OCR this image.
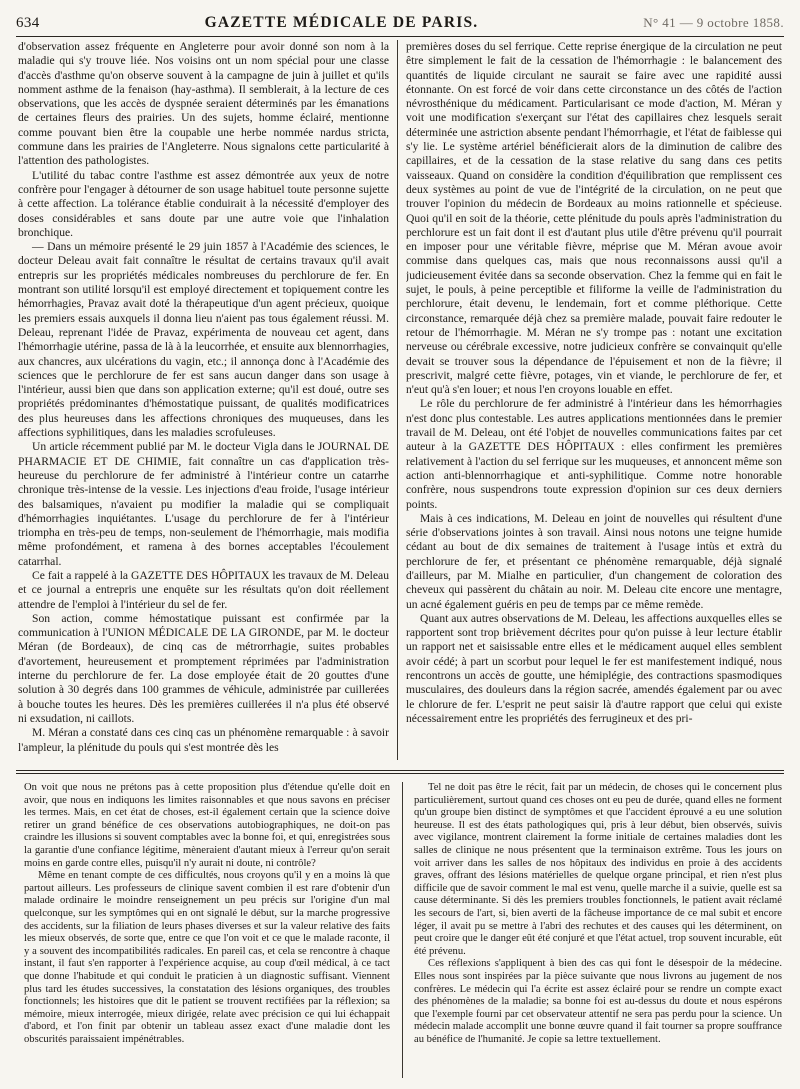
634	GAZETTE MÉDICALE DE PARIS.	N° 41 — 9 octobre 1858.

d'observation assez fréquente en Angleterre pour avoir donné son nom à la maladie qui s'y trouve liée. Nos voisins ont un nom spécial pour une classe d'accès d'asthme qu'on observe souvent à la campagne de juin à juillet et qu'ils nomment asthme de la fenaison (hay-asthma). Il semblerait, à la lecture de ces observations, que les accès de dyspnée seraient déterminés par les émanations de certaines fleurs des prairies. Un des sujets, homme éclairé, mentionne comme pouvant bien être la coupable une herbe nommée nardus stricta, commune dans les prairies de l'Angleterre. Nous signalons cette particularité à l'attention des pathologistes.

L'utilité du tabac contre l'asthme est assez démontrée aux yeux de notre confrère pour l'engager à détourner de son usage habituel toute personne sujette à cette affection. La tolérance établie conduirait à la nécessité d'employer des doses considérables et sans doute par une autre voie que l'inhalation bronchique.

— Dans un mémoire présenté le 29 juin 1857 à l'Académie des sciences, le docteur Deleau avait fait connaître le résultat de certains travaux qu'il avait entrepris sur les propriétés médicales nombreuses du perchlorure de fer. En montrant son utilité lorsqu'il est employé directement et topiquement contre les hémorrhagies, Pravaz avait doté la thérapeutique d'un agent précieux, quoique les premiers essais auxquels il donna lieu n'aient pas tous également réussi. M. Deleau, reprenant l'idée de Pravaz, expérimenta de nouveau cet agent, dans l'hémorrhagie utérine, passa de là à la leucorrhée, et ensuite aux blennorrhagies, aux chancres, aux ulcérations du vagin, etc.; il annonça donc à l'Académie des sciences que le perchlorure de fer est sans aucun danger dans son usage à l'intérieur, aussi bien que dans son application externe; qu'il est doué, outre ses propriétés prédominantes d'hémostatique puissant, de qualités modificatrices des plus heureuses dans les affections chroniques des muqueuses, dans les affections syphilitiques, dans les maladies scrofuleuses.

Un article récemment publié par M. le docteur Vigla dans le JOURNAL DE PHARMACIE ET DE CHIMIE, fait connaître un cas d'application très-heureuse du perchlorure de fer administré à l'intérieur contre un catarrhe chronique très-intense de la vessie. Les injections d'eau froide, l'usage intérieur des balsamiques, n'avaient pu modifier la maladie qui se compliquait d'hémorrhagies inquiétantes. L'usage du perchlorure de fer à l'intérieur triompha en très-peu de temps, non-seulement de l'hémorrhagie, mais modifia même profondément, et ramena à des bornes acceptables l'écoulement catarrhal.

Ce fait a rappelé à la GAZETTE DES HÔPITAUX les travaux de M. Deleau et ce journal a entrepris une enquête sur les résultats qu'on doit réellement attendre de l'emploi à l'intérieur du sel de fer.

Son action, comme hémostatique puissant est confirmée par la communication à l'UNION MÉDICALE DE LA GIRONDE, par M. le docteur Méran (de Bordeaux), de cinq cas de métrorrhagie, suites probables d'avortement, heureusement et promptement réprimées par l'administration interne du perchlorure de fer. La dose employée était de 20 gouttes d'une solution à 30 degrés dans 100 grammes de véhicule, administrée par cuillerées à bouche toutes les heures. Dès les premières cuillerées il n'a plus été observé ni exsudation, ni caillots.

M. Méran a constaté dans ces cinq cas un phénomène remarquable : à savoir l'ampleur, la plénitude du pouls qui s'est montrée dès les

premières doses du sel ferrique. Cette reprise énergique de la circulation ne peut être simplement le fait de la cessation de l'hémorrhagie : le balancement des quantités de liquide circulant ne saurait se faire avec une rapidité aussi étonnante. On est forcé de voir dans cette circonstance un des côtés de l'action névrosthénique du médicament. Particularisant ce mode d'action, M. Méran y voit une modification s'exerçant sur l'état des capillaires chez lesquels serait déterminée une astriction absente pendant l'hémorrhagie, et l'état de faiblesse qui s'y lie. Le système artériel bénéficierait alors de la diminution de calibre des capillaires, et de la cessation de la stase relative du sang dans ces petits vaisseaux. Quand on considère la condition d'équilibration que remplissent ces deux systèmes au point de vue de l'intégrité de la circulation, on ne peut que trouver l'opinion du médecin de Bordeaux au moins rationnelle et spécieuse. Quoi qu'il en soit de la théorie, cette plénitude du pouls après l'administration du perchlorure est un fait dont il est d'autant plus utile d'être prévenu qu'il pourrait en imposer pour une véritable fièvre, méprise que M. Méran avoue avoir commise dans quelques cas, mais que nous reconnaissons aussi qu'il a judicieusement évitée dans sa seconde observation. Chez la femme qui en fait le sujet, le pouls, à peine perceptible et filiforme la veille de l'administration du perchlorure, était devenu, le lendemain, fort et comme pléthorique. Cette circonstance, remarquée déjà chez sa première malade, pouvait faire redouter le retour de l'hémorrhagie. M. Méran ne s'y trompe pas : notant une excitation nerveuse ou cérébrale excessive, notre judicieux confrère se convainquit qu'elle devait se trouver sous la dépendance de l'épuisement et non de la fièvre; il prescrivit, malgré cette fièvre, potages, vin et viande, le perchlorure de fer, et n'eut qu'à s'en louer; et nous l'en croyons louable en effet.

Le rôle du perchlorure de fer administré à l'intérieur dans les hémorrhagies n'est donc plus contestable. Les autres applications mentionnées dans le premier travail de M. Deleau, ont été l'objet de nouvelles communications faites par cet auteur à la GAZETTE DES HÔPITAUX : elles confirment les premières relativement à l'action du sel ferrique sur les muqueuses, et annoncent même son action anti-blennorrhagique et anti-syphilitique. Comme notre honorable confrère, nous suspendrons toute expression d'opinion sur ces deux derniers points.

Mais à ces indications, M. Deleau en joint de nouvelles qui résultent d'une série d'observations jointes à son travail. Ainsi nous notons une teigne humide cédant au bout de dix semaines de traitement à l'usage intùs et extrà du perchlorure de fer, et présentant ce phénomène remarquable, déjà signalé d'ailleurs, par M. Mialhe en particulier, d'un changement de coloration des cheveux qui passèrent du châtain au noir. M. Deleau cite encore une mentagre, un acné également guéris en peu de temps par ce même remède.

Quant aux autres observations de M. Deleau, les affections auxquelles elles se rapportent sont trop brièvement décrites pour qu'on puisse à leur lecture établir un rapport net et saisissable entre elles et le médicament auquel elles semblent avoir cédé; à part un scorbut pour lequel le fer est manifestement indiqué, nous rencontrons un accès de goutte, une hémiplégie, des contractions spasmodiques musculaires, des douleurs dans la région sacrée, amendés également par ou avec le chlorure de fer. L'esprit ne peut saisir là d'autre rapport que celui qui existe nécessairement entre les propriétés des ferrugineux et des pri-

On voit que nous ne prétons pas à cette proposition plus d'étendue qu'elle doit en avoir, que nous en indiquons les limites raisonnables et que nous savons en préciser les termes. Mais, en cet état de choses, est-il également certain que la science doive retirer un grand bénéfice de ces observations autobiographiques, ne doit-on pas craindre les illusions si souvent comptables avec la bonne foi, et qui, enregistrées sous la garantie d'une confiance légitime, mèneraient d'autant mieux à l'erreur qu'on serait moins en garde contre elles, puisqu'il n'y aurait ni doute, ni contrôle?

Même en tenant compte de ces difficultés, nous croyons qu'il y en a moins là que partout ailleurs. Les professeurs de clinique savent combien il est rare d'obtenir d'un malade ordinaire le moindre renseignement un peu précis sur l'origine d'un mal quelconque, sur les symptômes qui en ont signalé le début, sur la marche progressive des accidents, sur la filiation de leurs phases diverses et sur la valeur relative des faits les mieux observés, de sorte que, entre ce que l'on voit et ce que le malade raconte, il y a souvent des incompatibilités radicales. En pareil cas, et cela se rencontre à chaque instant, il faut s'en rapporter à l'expérience acquise, au coup d'œil médical, à ce tact que donne l'habitude et qui conduit le praticien à un diagnostic suffisant. Viennent plus tard les études successives, la constatation des lésions organiques, des troubles fonctionnels; les histoires que dit le patient se trouvent rectifiées par la réflexion; sa mémoire, mieux interrogée, mieux dirigée, relate avec précision ce qui lui échappait d'abord, et l'on finit par obtenir un tableau assez exact d'une maladie dont les obscurités paraissaient impénétrables.

Tel ne doit pas être le récit, fait par un médecin, de choses qui le concernent plus particulièrement, surtout quand ces choses ont eu peu de durée, quand elles ne forment qu'un groupe bien distinct de symptômes et que l'accident éprouvé a eu une solution heureuse. Il est des états pathologiques qui, pris à leur début, bien observés, suivis avec vigilance, montrent clairement la forme initiale de certaines maladies dont les salles de clinique ne nous présentent que la terminaison extrême. Tous les jours on voit arriver dans les salles de nos hôpitaux des individus en proie à des accidents graves, offrant des lésions matérielles de quelque organe principal, et rien n'est plus difficile que de savoir comment le mal est venu, quelle marche il a suivie, quelle est sa cause déterminante. Si dès les premiers troubles fonctionnels, le patient avait réclamé les secours de l'art, si, bien averti de la fâcheuse importance de ce mal subit et encore léger, il avait pu se mettre à l'abri des rechutes et des causes qui les déterminent, on peut croire que le danger eût été conjuré et que l'état actuel, trop souvent incurable, eût été prévenu.

Ces réflexions s'appliquent à bien des cas qui font le désespoir de la médecine. Elles nous sont inspirées par la pièce suivante que nous livrons au jugement de nos confrères. Le médecin qui l'a écrite est assez éclairé pour se rendre un compte exact des phénomènes de la maladie; sa bonne foi est au-dessus du doute et nous espérons que l'exemple fourni par cet observateur attentif ne sera pas perdu pour la science. Un médecin malade accomplit une bonne œuvre quand il fait tourner sa propre souffrance au bénéfice de l'humanité. Je copie sa lettre textuellement.
